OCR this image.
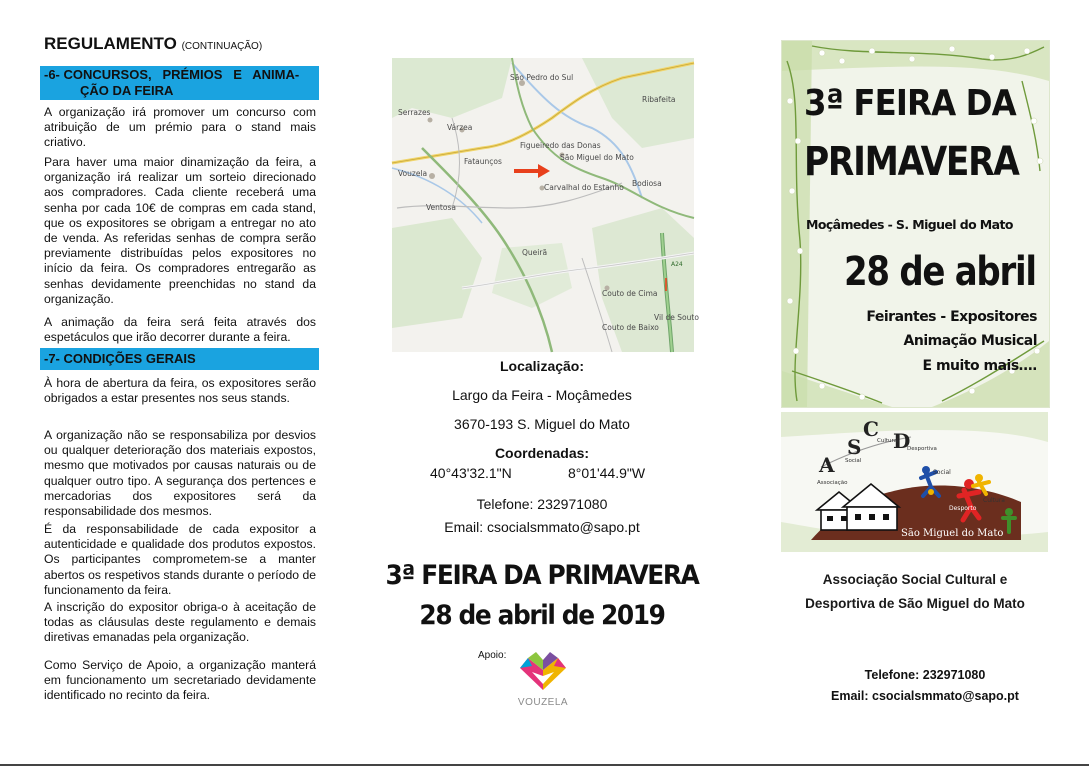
REGULAMENTO (CONTINUAÇÃO)
-6- CONCURSOS,   PRÉMIOS   E   ANIMA-
ÇÃO DA FEIRA

A organização irá promover um concurso com atribuição de um prémio para o stand mais criativo.

Para haver uma maior dinamização da feira, a organização irá realizar um sorteio direcionado aos compradores. Cada cliente receberá uma senha por cada 10€ de compras em cada stand, que os expositores se obrigam a entregar no ato de venda. As referidas senhas de compra serão previamente distribuídas pelos expositores no início da feira. Os compradores entregarão as senhas devidamente preenchidas no stand da organização.

A animação da feira será feita através dos espetáculos que irão decorrer durante a feira.

-7- CONDIÇÕES GERAIS

À hora de abertura da feira, os expositores serão obrigados a estar presentes nos seus stands.

A organização não se responsabiliza por desvios ou qualquer deterioração dos materiais expostos, mesmo que motivados por causas naturais ou de qualquer outro tipo. A segurança dos pertences e mercadorias dos expositores será da responsabilidade dos mesmos.

É da responsabilidade de cada expositor a autenticidade e qualidade dos produtos expostos. Os participantes comprometem-se a manter abertos os respetivos stands durante o período de funcionamento da feira.

A inscrição do expositor obriga-o à aceitação de todas as cláusulas deste regulamento e demais diretivas emanadas pela organização.

Como Serviço de Apoio, a organização manterá em funcionamento um secretariado devidamente identificado no recinto da feira.

São Pedro do Sul
Serrazes
Várzea
Ribafeita
Figueiredo das Donas
São Miguel do Mato
Vouzela
Fataunços
Bodiosa
Carvalhal do Estanho
Ventosa
Queirã
Couto de Cima
Couto de Baixo
Vil de Souto
A24
Localização:
Largo da Feira - Moçâmedes
3670-193 S. Miguel do Mato
Coordenadas:
40°43'32.1"N	8°01'44.9"W
Telefone: 232971080
Email: csocialsmmato@sapo.pt
3ª FEIRA DA PRIMAVERA
28 de abril de 2019
Apoio:
VOUZELA
3ª FEIRA DA
PRIMAVERA
Moçâmedes - S. Miguel do Mato
28 de abril
Feirantes - Expositores
Animação Musical
E muito mais….
A
S
C D
Associação
Social
Cultural
Desportiva
Social
Cultura
Desporto
São Miguel do Mato
Associação Social Cultural e
Desportiva de São Miguel do Mato
Telefone: 232971080
Email: csocialsmmato@sapo.pt
